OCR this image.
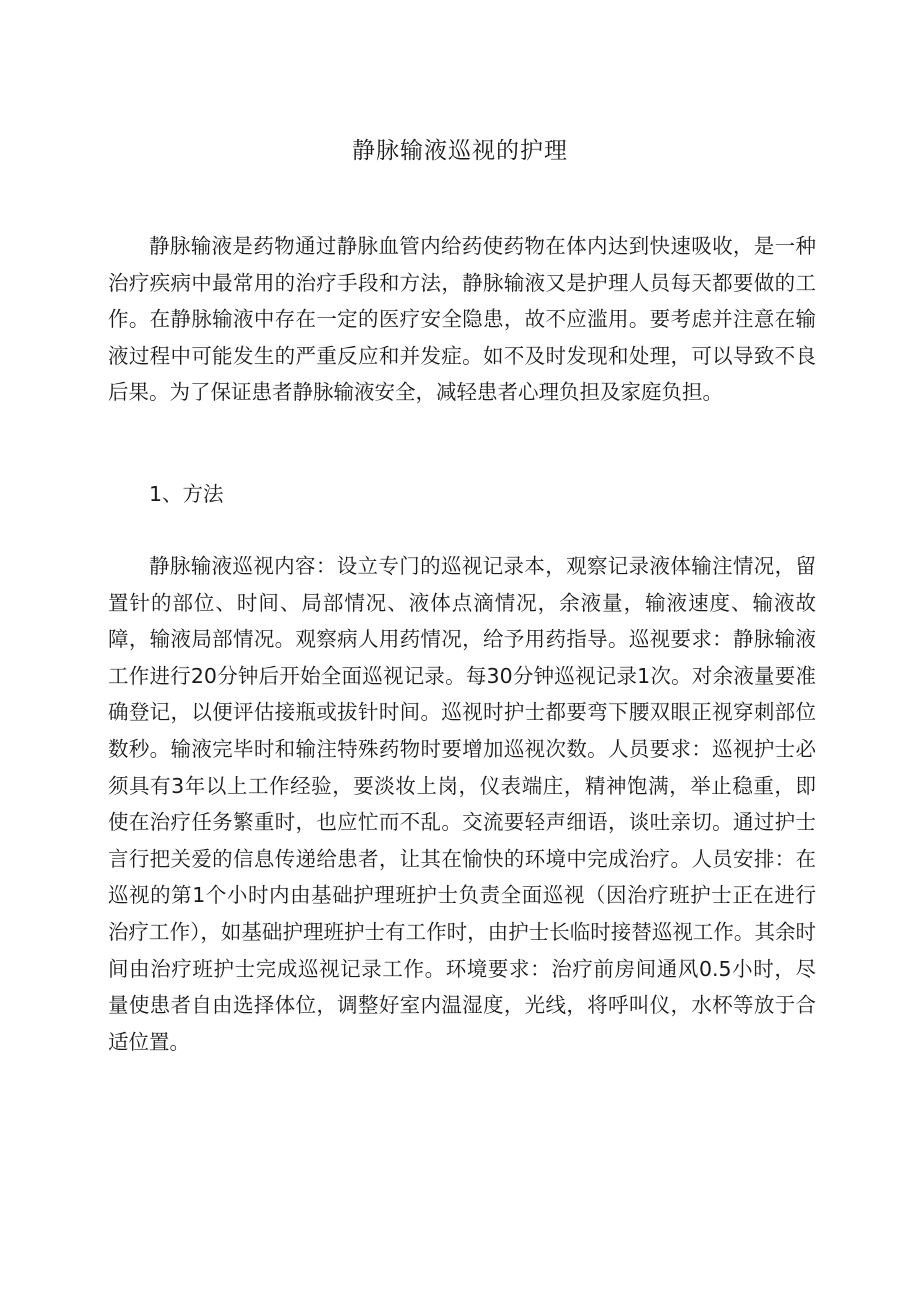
静脉输液巡视的护理

静脉输液是药物通过静脉血管内给药使药物在体内达到快速吸收，是一种治疗疾病中最常用的治疗手段和方法，静脉输液又是护理人员每天都要做的工作。在静脉输液中存在一定的医疗安全隐患，故不应滥用。要考虑并注意在输液过程中可能发生的严重反应和并发症。如不及时发现和处理，可以导致不良后果。为了保证患者静脉输液安全，减轻患者心理负担及家庭负担。

1、方法

静脉输液巡视内容：设立专门的巡视记录本，观察记录液体输注情况，留置针的部位、时间、局部情况、液体点滴情况，余液量，输液速度、输液故障，输液局部情况。观察病人用药情况，给予用药指导。巡视要求：静脉输液工作进行20分钟后开始全面巡视记录。每30分钟巡视记录1次。对余液量要准确登记，以便评估接瓶或拔针时间。巡视时护士都要弯下腰双眼正视穿刺部位数秒。输液完毕时和输注特殊药物时要增加巡视次数。人员要求：巡视护士必须具有3年以上工作经验，要淡妆上岗，仪表端庄，精神饱满，举止稳重，即使在治疗任务繁重时，也应忙而不乱。交流要轻声细语，谈吐亲切。通过护士言行把关爱的信息传递给患者，让其在愉快的环境中完成治疗。人员安排：在巡视的第1个小时内由基础护理班护士负责全面巡视（因治疗班护士正在进行治疗工作），如基础护理班护士有工作时，由护士长临时接替巡视工作。其余时间由治疗班护士完成巡视记录工作。环境要求：治疗前房间通风0.5小时，尽量使患者自由选择体位，调整好室内温湿度，光线，将呼叫仪，水杯等放于合适位置。
